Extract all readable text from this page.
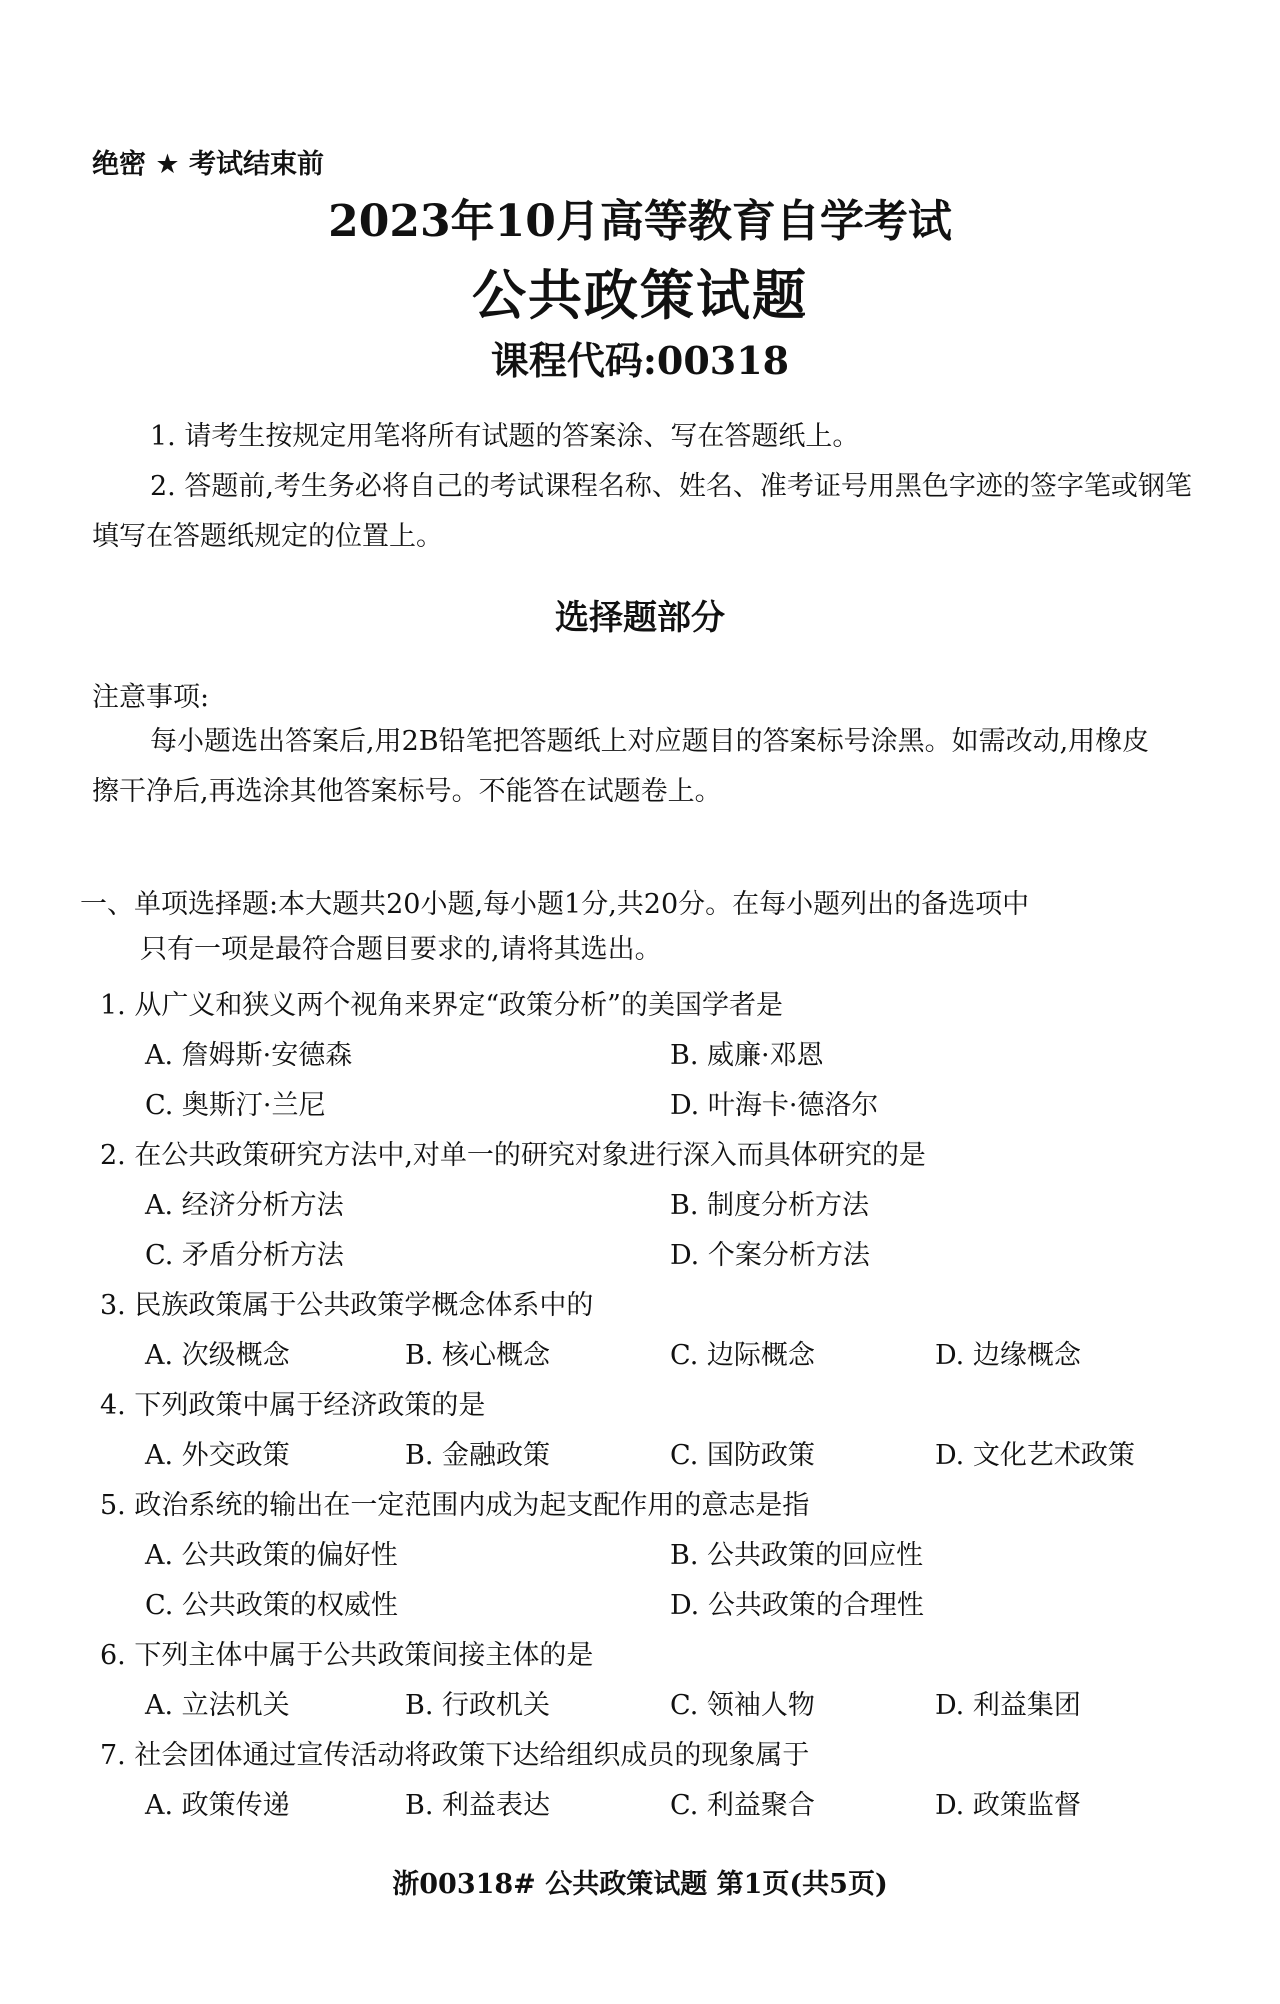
绝密 ★ 考试结束前
2023年10月高等教育自学考试
公共政策试题
课程代码:00318
1. 请考生按规定用笔将所有试题的答案涂、写在答题纸上。
2. 答题前,考生务必将自己的考试课程名称、姓名、准考证号用黑色字迹的签字笔或钢笔
填写在答题纸规定的位置上。
选择题部分
注意事项:
每小题选出答案后,用2B铅笔把答题纸上对应题目的答案标号涂黑。如需改动,用橡皮
擦干净后,再选涂其他答案标号。不能答在试题卷上。
一、单项选择题:本大题共20小题,每小题1分,共20分。在每小题列出的备选项中
只有一项是最符合题目要求的,请将其选出。
1. 从广义和狭义两个视角来界定“政策分析”的美国学者是
A. 詹姆斯·安德森	B. 威廉·邓恩
C. 奥斯汀·兰尼	D. 叶海卡·德洛尔
2. 在公共政策研究方法中,对单一的研究对象进行深入而具体研究的是
A. 经济分析方法	B. 制度分析方法
C. 矛盾分析方法	D. 个案分析方法
3. 民族政策属于公共政策学概念体系中的
A. 次级概念	B. 核心概念	C. 边际概念	D. 边缘概念
4. 下列政策中属于经济政策的是
A. 外交政策	B. 金融政策	C. 国防政策	D. 文化艺术政策
5. 政治系统的输出在一定范围内成为起支配作用的意志是指
A. 公共政策的偏好性	B. 公共政策的回应性
C. 公共政策的权威性	D. 公共政策的合理性
6. 下列主体中属于公共政策间接主体的是
A. 立法机关	B. 行政机关	C. 领袖人物	D. 利益集团
7. 社会团体通过宣传活动将政策下达给组织成员的现象属于
A. 政策传递	B. 利益表达	C. 利益聚合	D. 政策监督
浙00318# 公共政策试题 第1页(共5页)
